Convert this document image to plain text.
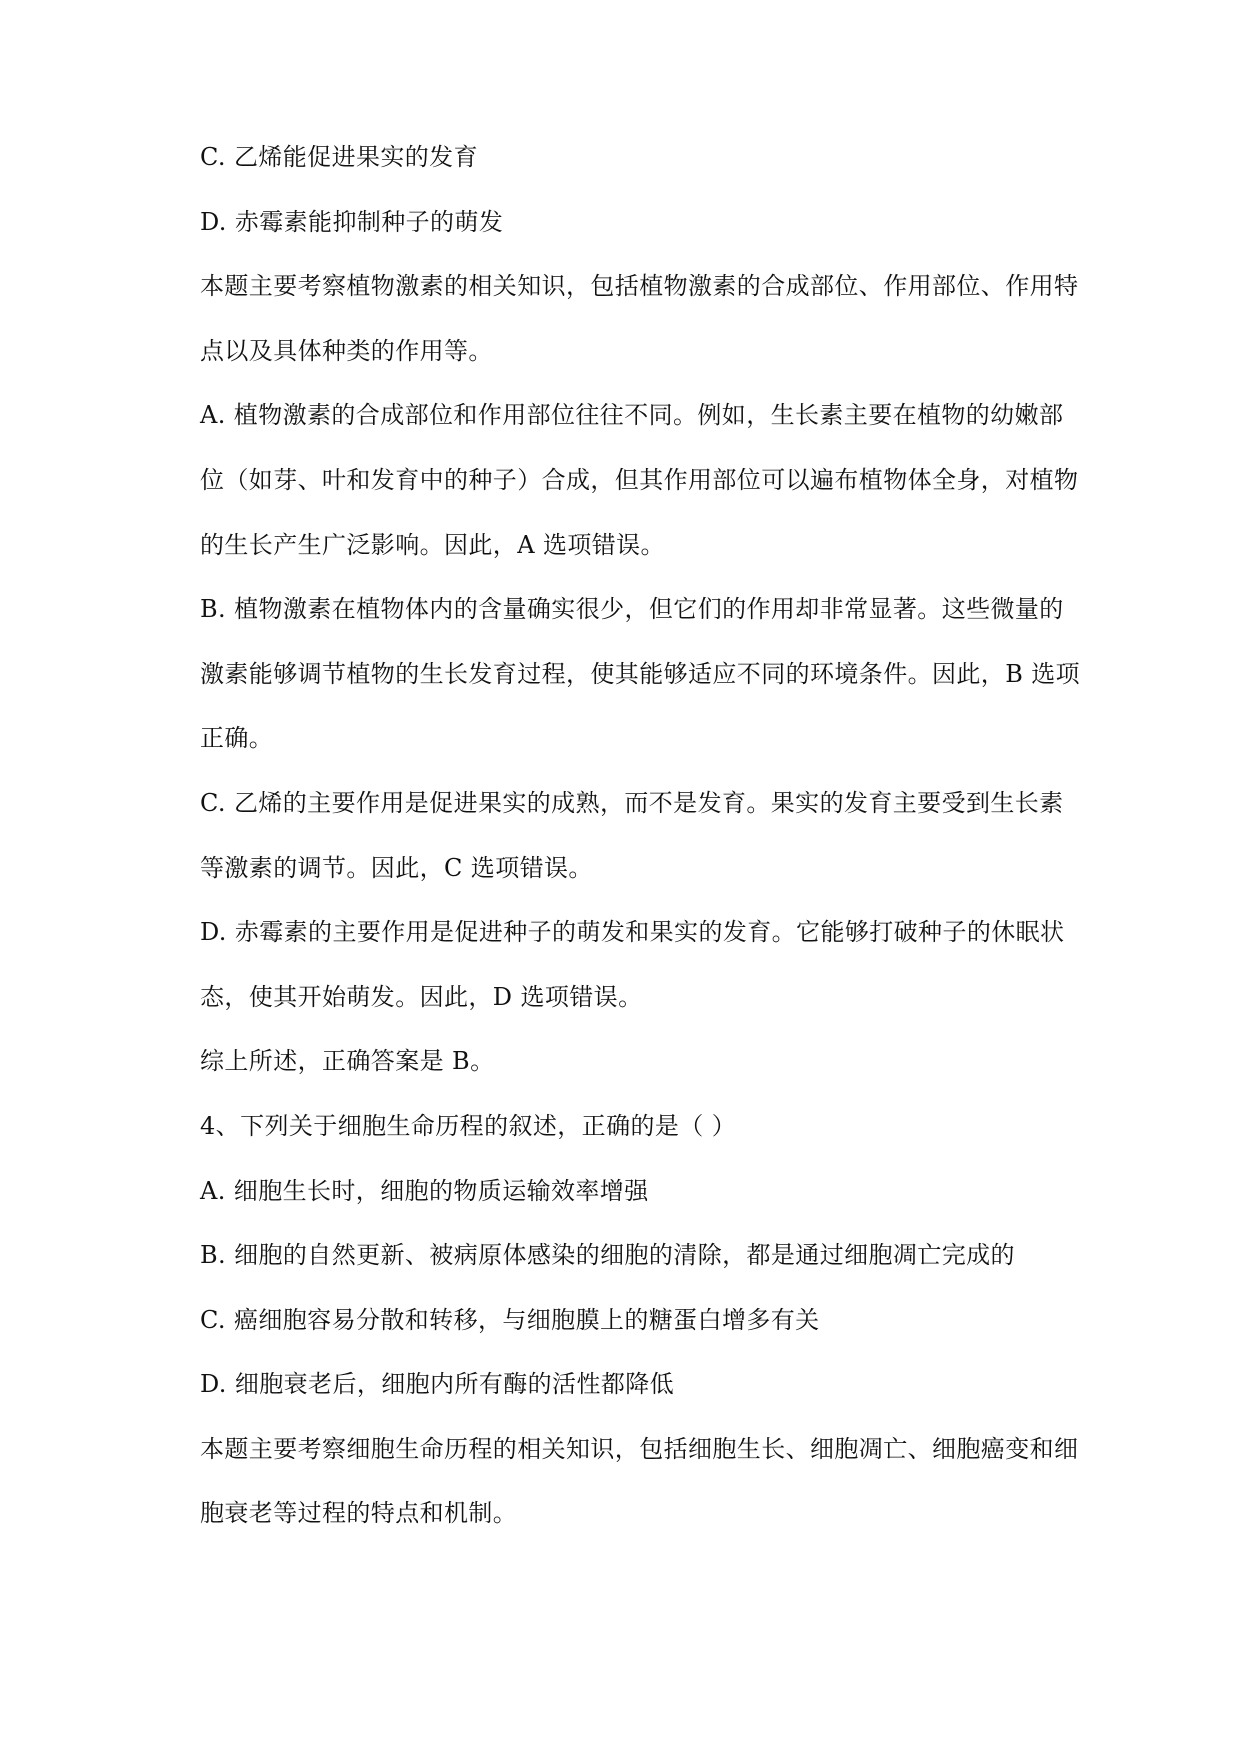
C. 乙烯能促进果实的发育
D. 赤霉素能抑制种子的萌发
本题主要考察植物激素的相关知识，包括植物激素的合成部位、作用部位、作用特
点以及具体种类的作用等。
A. 植物激素的合成部位和作用部位往往不同。例如，生长素主要在植物的幼嫩部
位（如芽、叶和发育中的种子）合成，但其作用部位可以遍布植物体全身，对植物
的生长产生广泛影响。因此，A 选项错误。
B. 植物激素在植物体内的含量确实很少，但它们的作用却非常显著。这些微量的
激素能够调节植物的生长发育过程，使其能够适应不同的环境条件。因此，B 选项
正确。
C. 乙烯的主要作用是促进果实的成熟，而不是发育。果实的发育主要受到生长素
等激素的调节。因此，C 选项错误。
D. 赤霉素的主要作用是促进种子的萌发和果实的发育。它能够打破种子的休眠状
态，使其开始萌发。因此，D 选项错误。
综上所述，正确答案是 B。
4、下列关于细胞生命历程的叙述，正确的是（ ）
A. 细胞生长时，细胞的物质运输效率增强
B. 细胞的自然更新、被病原体感染的细胞的清除，都是通过细胞凋亡完成的
C. 癌细胞容易分散和转移，与细胞膜上的糖蛋白增多有关
D. 细胞衰老后，细胞内所有酶的活性都降低
本题主要考察细胞生命历程的相关知识，包括细胞生长、细胞凋亡、细胞癌变和细
胞衰老等过程的特点和机制。
